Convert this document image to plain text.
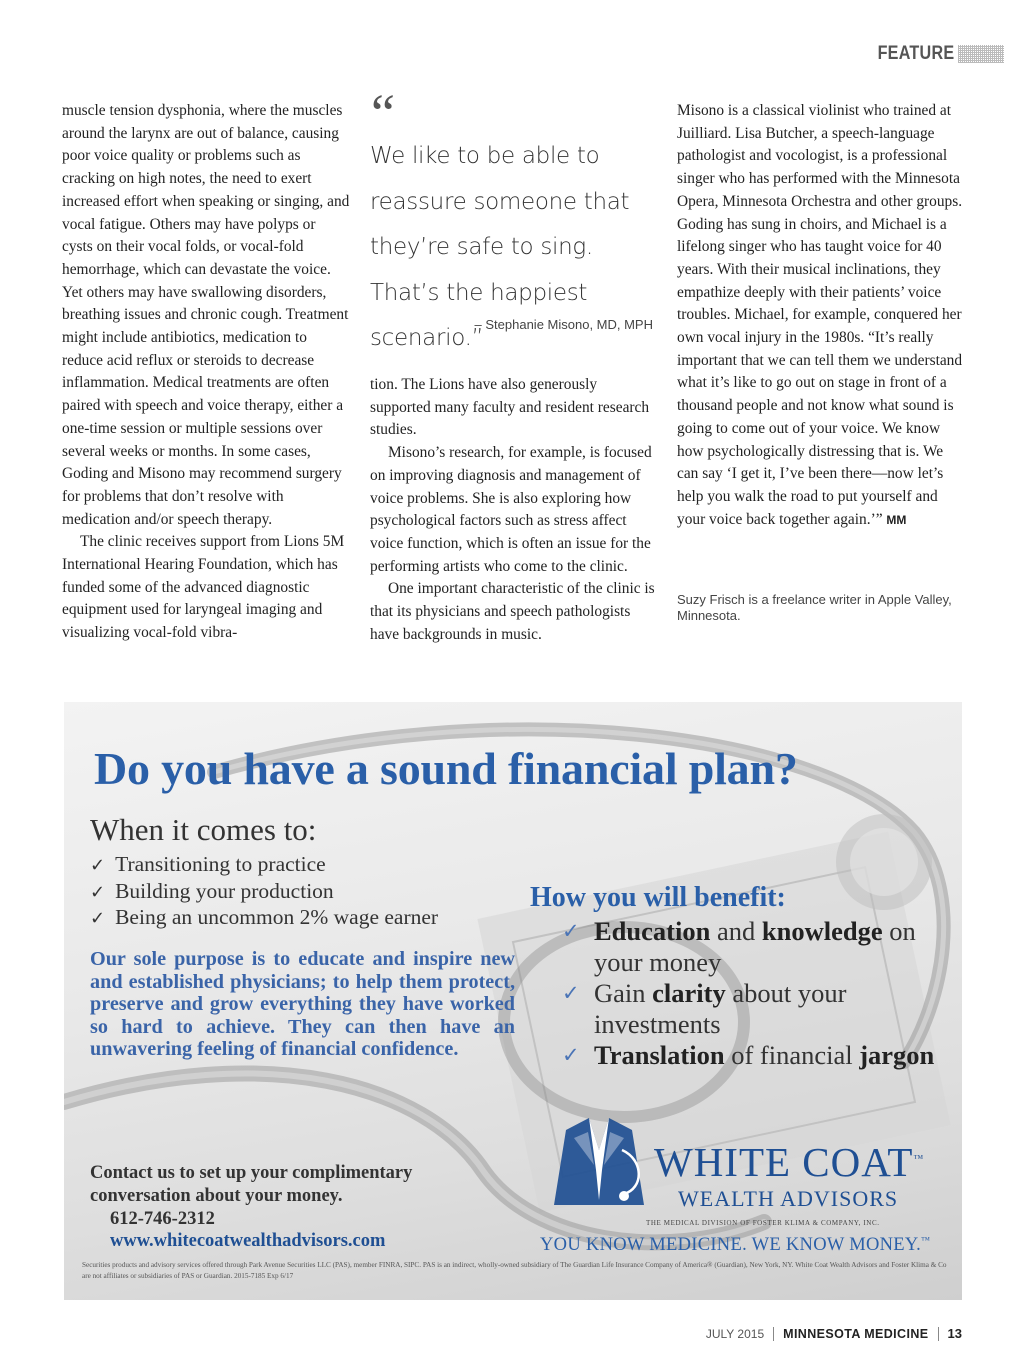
FEATURE

muscle tension dysphonia, where the muscles around the larynx are out of balance, causing poor voice quality or problems such as cracking on high notes, the need to exert increased effort when speaking or singing, and vocal fatigue. Others may have polyps or cysts on their vocal folds, or vocal-fold hemorrhage, which can devastate the voice. Yet others may have swallowing disorders, breathing issues and chronic cough. Treatment might include antibiotics, medication to reduce acid reflux or steroids to decrease inflammation. Medical treatments are often paired with speech and voice therapy, either a one-time session or multiple sessions over several weeks or months. In some cases, Goding and Misono may recommend surgery for problems that don’t resolve with medication and/or speech therapy.

The clinic receives support from Lions 5M International Hearing Foundation, which has funded some of the advanced diagnostic equipment used for laryngeal imaging and visualizing vocal-fold vibra-

“
We like to be able to reassure someone that they’re safe to sing. That’s the happiest scenario.”
– Stephanie Misono, MD, MPH

tion. The Lions have also generously supported many faculty and resident research studies.

Misono’s research, for example, is focused on improving diagnosis and management of voice problems. She is also exploring how psychological factors such as stress affect voice function, which is often an issue for the performing artists who come to the clinic.

One important characteristic of the clinic is that its physicians and speech pathologists have backgrounds in music.

Misono is a classical violinist who trained at Juilliard. Lisa Butcher, a speech-language pathologist and vocologist, is a professional singer who has performed with the Minnesota Opera, Minnesota Orchestra and other groups. Goding has sung in choirs, and Michael is a lifelong singer who has taught voice for 40 years. With their musical inclinations, they empathize deeply with their patients’ voice troubles. Michael, for example, conquered her own vocal injury in the 1980s. “It’s really important that we can tell them we understand what it’s like to go out on stage in front of a thousand people and not know what sound is going to come out of your voice. We know how psychologically distressing that is. We can say ‘I get it, I’ve been there—now let’s help you walk the road to put yourself and your voice back together again.’” MM

Suzy Frisch is a freelance writer in Apple Valley, Minnesota.
Do you have a sound financial plan?
When it comes to:
✓ Transitioning to practice
✓ Building your production
✓ Being an uncommon 2% wage earner
Our sole purpose is to educate and inspire new and established physicians; to help them protect, preserve and grow everything they have worked so hard to achieve. They can then have an unwavering feeling of financial confidence.
How you will benefit:
✓ Education and knowledge on your money
✓ Gain clarity about your investments
✓ Translation of financial jargon
Contact us to set up your complimentary
conversation about your money.
612-746-2312
www.whitecoatwealthadvisors.com
WHITE COAT™
WEALTH ADVISORS
THE MEDICAL DIVISION OF FOSTER KLIMA & COMPANY, INC.
YOU KNOW MEDICINE. WE KNOW MONEY.™
Securities products and advisory services offered through Park Avenue Securities LLC (PAS), member FINRA, SIPC. PAS is an indirect, wholly-owned subsidiary of The Guardian Life Insurance Company of America® (Guardian), New York, NY. White Coat Wealth Advisors and Foster Klima & Co are not affiliates or subsidiaries of PAS or Guardian. 2015-7185 Exp 6/17
JULY 2015 MINNESOTA MEDICINE 13
